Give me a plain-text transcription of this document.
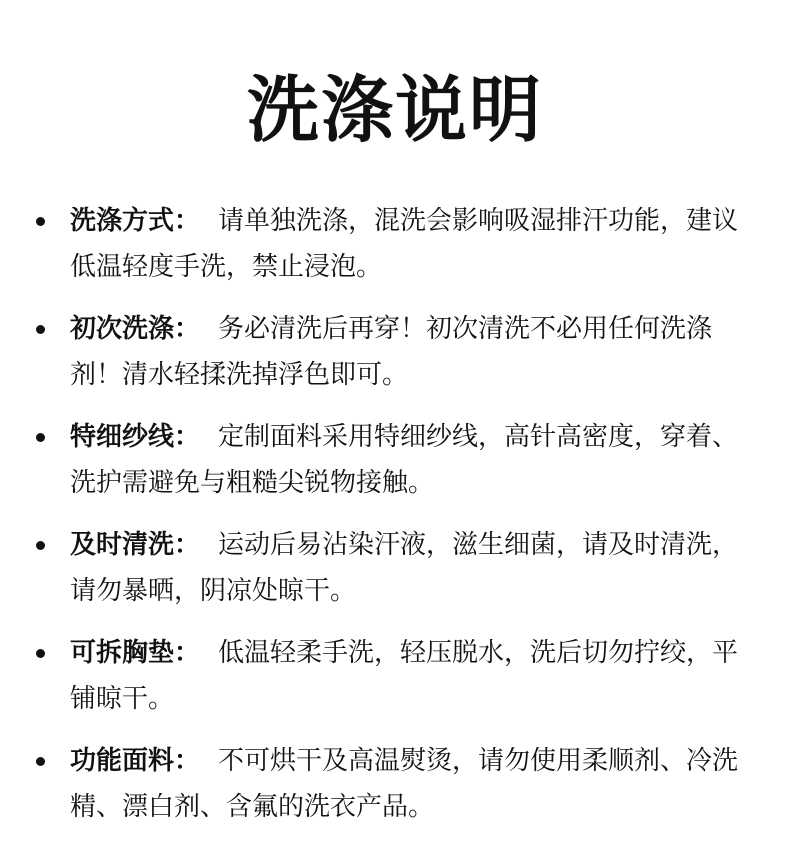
洗涤说明
洗涤方式： 请单独洗涤，混洗会影响吸湿排汗功能，建议低温轻度手洗，禁止浸泡。
初次洗涤： 务必清洗后再穿！初次清洗不必用任何洗涤剂！清水轻揉洗掉浮色即可。
特细纱线： 定制面料采用特细纱线，高针高密度，穿着、洗护需避免与粗糙尖锐物接触。
及时清洗： 运动后易沾染汗液，滋生细菌，请及时清洗，请勿暴晒，阴凉处晾干。
可拆胸垫： 低温轻柔手洗，轻压脱水，洗后切勿拧绞，平铺晾干。
功能面料： 不可烘干及高温熨烫，请勿使用柔顺剂、冷洗精、漂白剂、含氟的洗衣产品。
